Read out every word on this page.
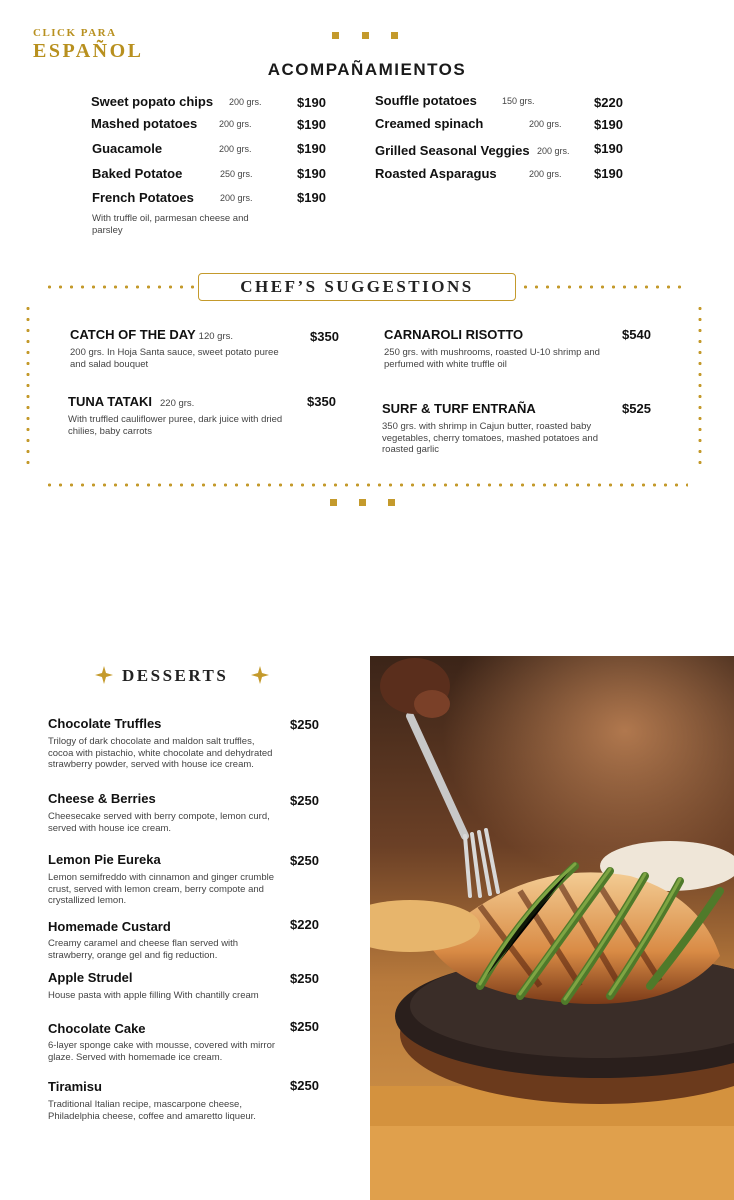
CLICK PARA
ESPAÑOL
ACOMPAÑAMIENTOS
Sweet popato chips 200 grs.	$190
Mashed potatoes 200 grs.	$190
Guacamole	200 grs.	$190
Baked Potatoe	250 grs.	$190
French Potatoes	200 grs.	$190
With truffle oil, parmesan cheese and parsley
Souffle potatoes	150 grs.	$220
Creamed spinach	200 grs. $190
Grilled Seasonal Veggies 200 grs. $190
Roasted Asparagus	200 grs. $190
CHEF’S SUGGESTIONS
CATCH OF THE DAY 120 grs.	$350
200 grs. In Hoja Santa sauce, sweet potato puree and salad bouquet
CARNAROLI RISOTTO	$540
250 grs. with mushrooms, roasted U-10 shrimp and perfumed with white truffle oil
TUNA TATAKI 220 grs.	$350
With truffled cauliflower puree, dark juice with dried chilies, baby carrots
SURF & TURF ENTRAÑA	$525
350 grs. with shrimp in Cajun butter, roasted baby vegetables, cherry tomatoes, mashed potatoes and roasted garlic
DESSERTS
Chocolate Truffles	$250
Trilogy of dark chocolate and maldon salt truffles, cocoa with pistachio, white chocolate and dehydrated strawberry powder, served with house ice cream.
Cheese & Berries	$250
Cheesecake served with berry compote, lemon curd, served with house ice cream.
Lemon Pie Eureka	$250
Lemon semifreddo with cinnamon and ginger crumble crust, served with lemon cream, berry compote and crystallized lemon.
Homemade Custard	$220
Creamy caramel and cheese flan served with strawberry, orange gel and fig reduction.
Apple Strudel	$250
House pasta with apple filling With chantilly cream
Chocolate Cake	$250
6-layer sponge cake with mousse, covered with mirror glaze. Served with homemade ice cream.
Tiramisu	$250
Traditional Italian recipe, mascarpone cheese, Philadelphia cheese, coffee and amaretto liqueur.
